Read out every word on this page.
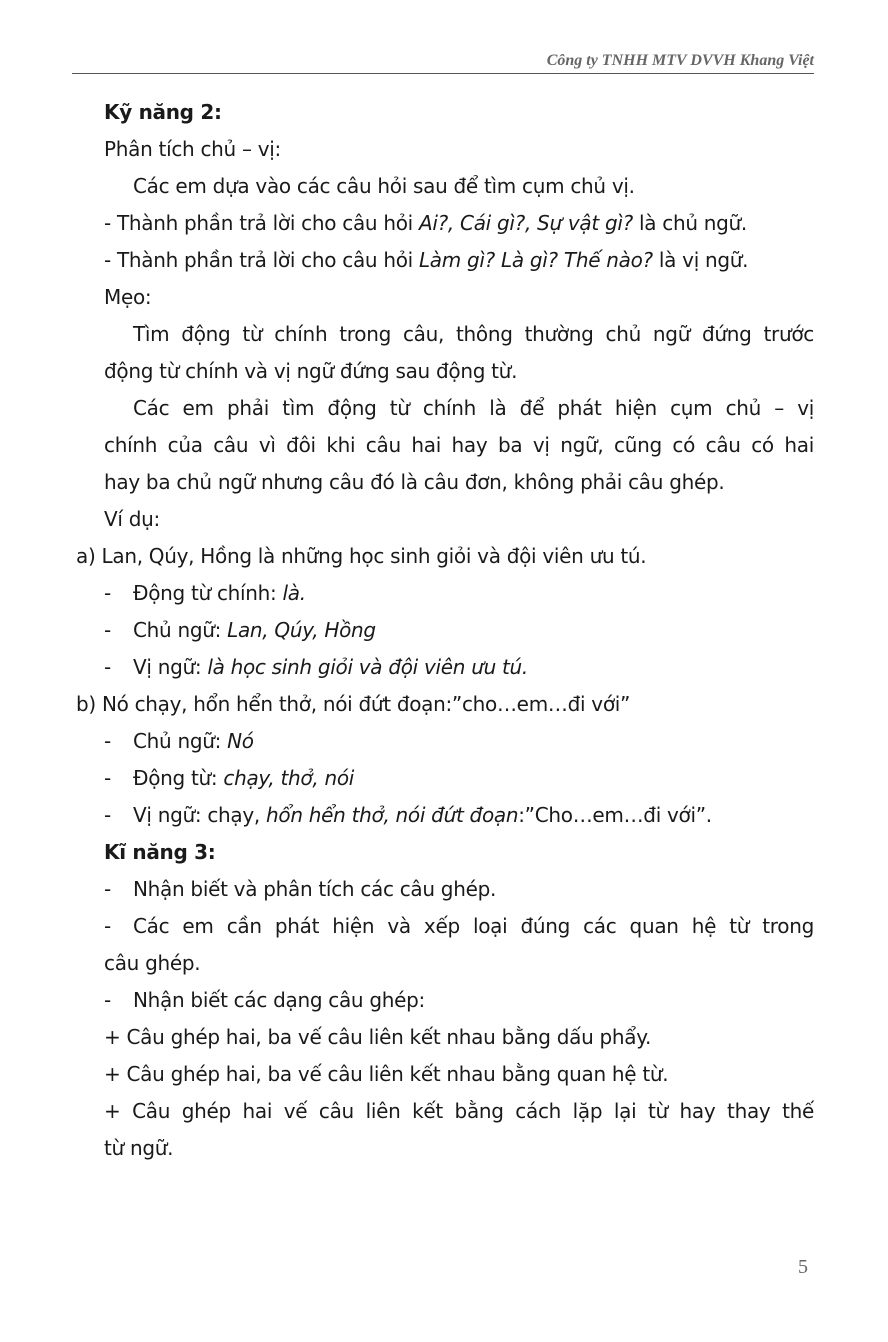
Công ty TNHH MTV DVVH Khang Việt
Kỹ năng 2:
Phân tích chủ – vị:
Các em dựa vào các câu hỏi sau để tìm cụm chủ vị.
- Thành phần trả lời cho câu hỏi Ai?, Cái gì?, Sự vật gì? là chủ ngữ.
- Thành phần trả lời cho câu hỏi Làm gì? Là gì? Thế nào? là vị ngữ.
Mẹo:
Tìm động từ chính trong câu, thông thường chủ ngữ đứng trước
động từ chính và vị ngữ đứng sau động từ.
Các em phải tìm động từ chính là để phát hiện cụm chủ – vị
chính của câu vì đôi khi câu hai hay ba vị ngữ, cũng có câu có hai
hay ba chủ ngữ nhưng câu đó là câu đơn, không phải câu ghép.
Ví dụ:
a) Lan, Qúy, Hồng là những học sinh giỏi và đội viên ưu tú.
- Động từ chính: là.
- Chủ ngữ: Lan, Qúy, Hồng
- Vị ngữ: là học sinh giỏi và đội viên ưu tú.
b) Nó chạy, hổn hển thở, nói đứt đoạn:”cho…em…đi với”
- Chủ ngữ: Nó
- Động từ: chạy, thở, nói
- Vị ngữ: chạy, hổn hển thở, nói đứt đoạn:”Cho…em…đi với”.
Kĩ năng 3:
- Nhận biết và phân tích các câu ghép.
- Các em cần phát hiện và xếp loại đúng các quan hệ từ trong
câu ghép.
- Nhận biết các dạng câu ghép:
+ Câu ghép hai, ba vế câu liên kết nhau bằng dấu phẩy.
+ Câu ghép hai, ba vế câu liên kết nhau bằng quan hệ từ.
+ Câu ghép hai vế câu liên kết bằng cách lặp lại từ hay thay thế
từ ngữ.
5
